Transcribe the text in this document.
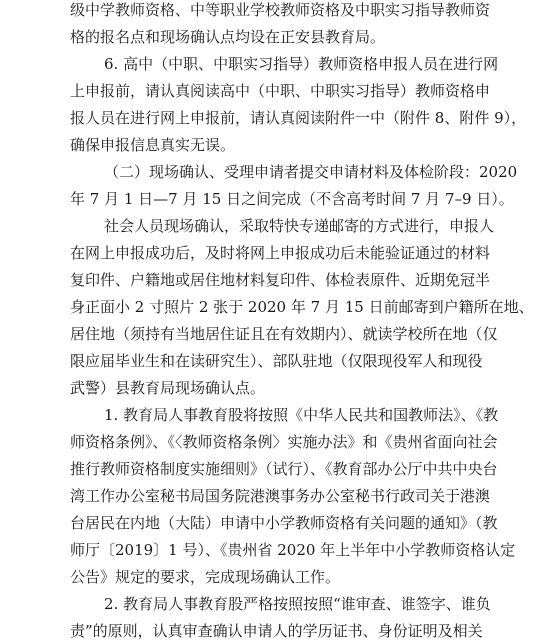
级中学教师资格、中等职业学校教师资格及中职实习指导教师资
格的报名点和现场确认点均设在正安县教育局。
6. 高中（中职、中职实习指导）教师资格申报人员在进行网
上申报前，请认真阅读高中（中职、中职实习指导）教师资格申
报人员在进行网上申报前，请认真阅读附件一中（附件 8、附件 9），
确保申报信息真实无误。
（二）现场确认、受理申请者提交申请材料及体检阶段：2020
年 7 月 1 日—7 月 15 日之间完成（不含高考时间 7 月 7–9 日）。
社会人员现场确认，采取特快专递邮寄的方式进行，申报人
在网上申报成功后，及时将网上申报成功后未能验证通过的材料
复印件、户籍地或居住地材料复印件、体检表原件、近期免冠半
身正面小 2 寸照片 2 张于 2020 年 7 月 15 日前邮寄到户籍所在地、
居住地（须持有当地居住证且在有效期内）、就读学校所在地（仅
限应届毕业生和在读研究生）、部队驻地（仅限现役军人和现役
武警）县教育局现场确认点。
1. 教育局人事教育股将按照《中华人民共和国教师法》、《教
师资格条例》、《〈教师资格条例〉实施办法》和《贵州省面向社会
推行教师资格制度实施细则》（试行）、《教育部办公厅中共中央台
湾工作办公室秘书局国务院港澳事务办公室秘书行政司关于港澳
台居民在内地（大陆）申请中小学教师资格有关问题的通知》（教
师厅〔2019〕1 号）、《贵州省 2020 年上半年中小学教师资格认定
公告》规定的要求，完成现场确认工作。
2. 教育局人事教育股严格按照按照“谁审查、谁签字、谁负
责”的原则，认真审查确认申请人的学历证书、身份证明及相关
